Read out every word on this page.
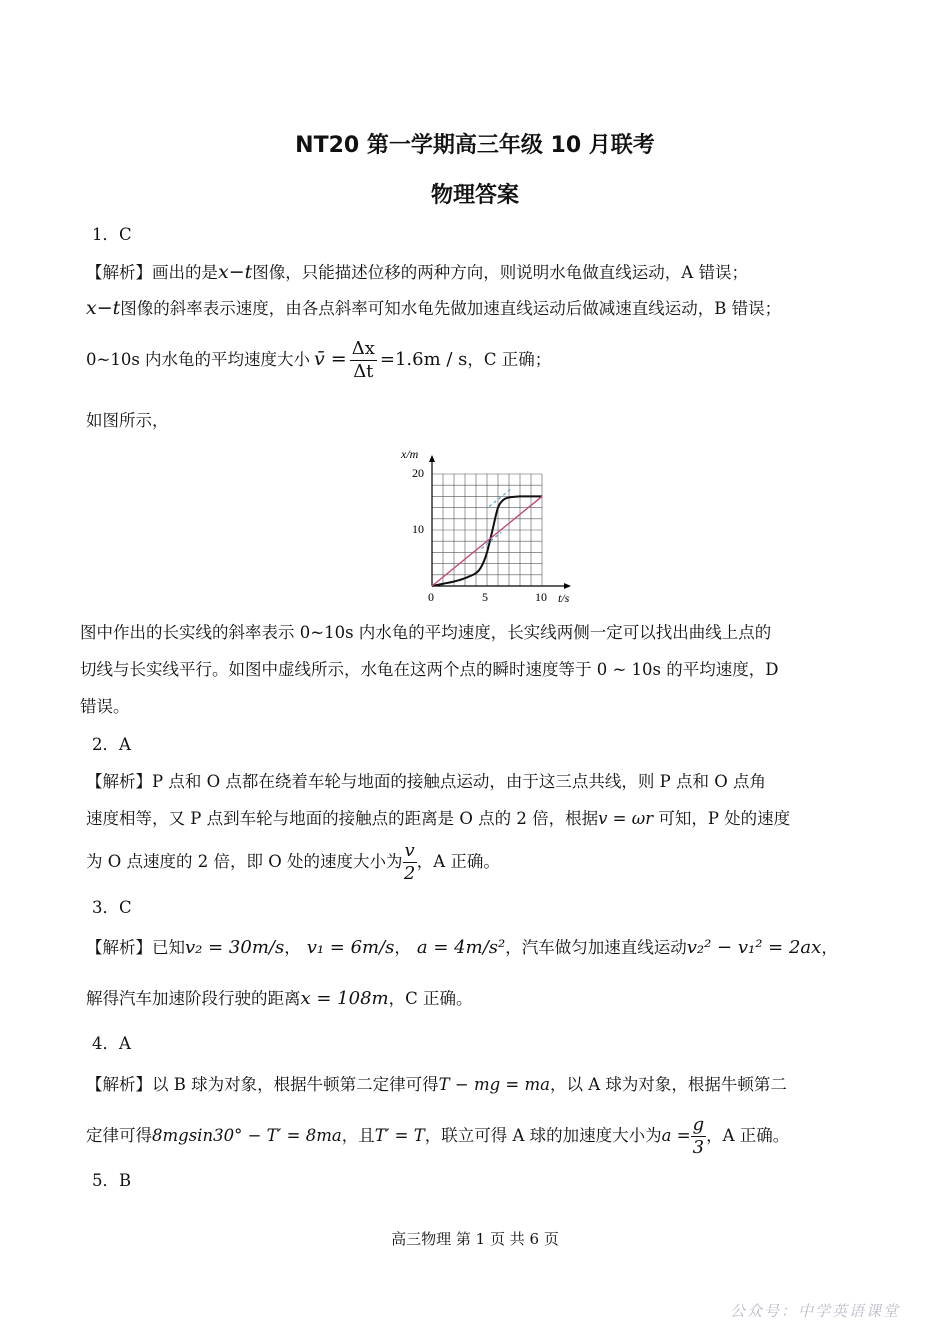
NT20 第一学期高三年级 10 月联考
物理答案
1．C
【解析】画出的是x−t图像，只能描述位移的两种方向，则说明水龟做直线运动，A 错误；
x−t图像的斜率表示速度，由各点斜率可知水龟先做加速直线运动后做减速直线运动，B 错误；
0~10s 内水龟的平均速度大小 v̄ = $\frac{\Delta x}{\Delta t} =1.6m / s$，C 正确；
如图所示，
x/m
t/s
20
10
0	5	10
图中作出的长实线的斜率表示 0~10s 内水龟的平均速度，长实线两侧一定可以找出曲线上点的
切线与长实线平行。如图中虚线所示，水龟在这两个点的瞬时速度等于 0 ~ 10s 的平均速度，D
错误。
2．A
【解析】P 点和 O 点都在绕着车轮与地面的接触点运动，由于这三点共线，则 P 点和 O 点角
速度相等，又 P 点到车轮与地面的接触点的距离是 O 点的 2 倍，根据v = ωr 可知，P 处的速度
为 O 点速度的 2 倍，即 O 处的速度大小为 $\frac{v}{2}$ ，A 正确。
3．C
【解析】已知v₂ = 30m/s， v₁ = 6m/s， a = 4m/s²，汽车做匀加速直线运动v₂² − v₁² = 2ax，
解得汽车加速阶段行驶的距离x = 108m，C 正确。
4．A
【解析】以 B 球为对象，根据牛顿第二定律可得T − mg = ma，以 A 球为对象，根据牛顿第二
定律可得8mgsin30° − T′ = 8ma，且T′ = T，联立可得 A 球的加速度大小为$a = \frac{g}{3}$ ，A 正确。
5．B
高三物理 第 1 页 共 6 页
公众号：中学英语课堂
